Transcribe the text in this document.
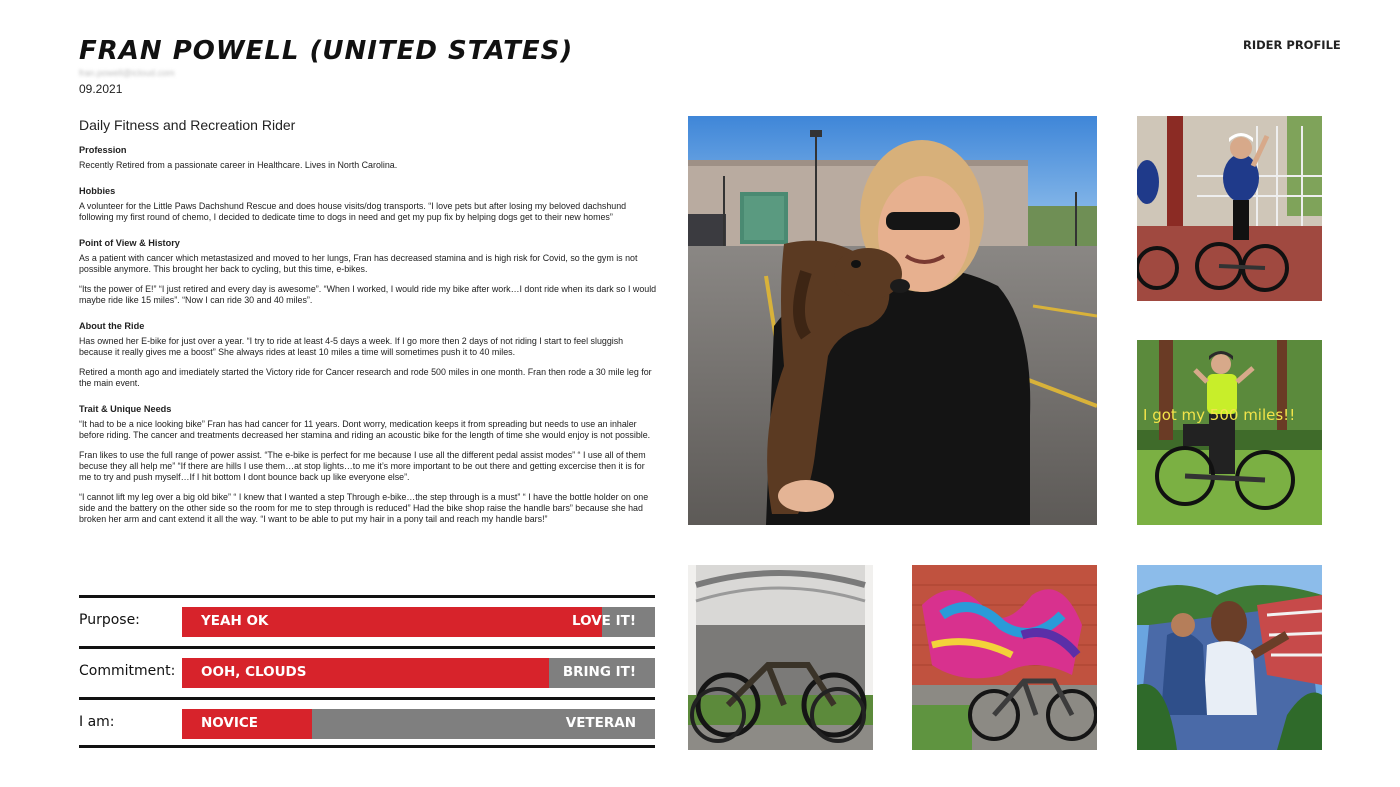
FRAN POWELL (UNITED STATES)
fran.powell@icloud.com
09.2021
RIDER PROFILE
Daily Fitness and Recreation Rider
Profession
Recently Retired from a passionate career in Healthcare. Lives in North Carolina.
Hobbies
A volunteer for the Little Paws Dachshund Rescue and does house visits/dog transports. “I love pets but after losing my beloved dachshund following my first round of chemo, I decided to dedicate time to dogs in need and get my pup fix by helping dogs get to their new homes”
Point of View & History
As a patient with cancer which metastasized and moved to her lungs, Fran has decreased stamina and is high risk for Covid, so the gym is not possible anymore. This brought her back to cycling, but this time, e-bikes.
“Its the power of E!” “I just retired and every day is awesome”. “When I worked, I would ride my bike after work…I dont ride when its dark so I would maybe ride like 15 miles”. “Now I can ride 30 and 40 miles”.
About the Ride
Has owned her E-bike for just over a year. “I try to ride at least 4-5 days a week. If I go more then 2 days of not riding I start to feel sluggish because it really gives me a boost” She always rides at least 10 miles a time will sometimes push it to 40 miles.
Retired a month ago and imediately started the Victory ride for Cancer research and rode 500 miles in one month. Fran then rode a 30 mile leg for the main event.
Trait & Unique Needs
“It had to be a nice looking bike” Fran has had cancer for 11 years. Dont worry, medication keeps it from spreading but needs to use an inhaler before riding. The cancer and treatments decreased her stamina and riding an acoustic bike for the length of time she would enjoy is not possible.
Fran likes to use the full range of power assist. “The e-bike is perfect for me because I use all the different pedal assist modes” “ I use all of them becuse they all help me” “If there are hills I use them…at stop lights…to me it’s more important to be out there and getting excercise then it is for me to try and push myself…If I hit bottom I dont bounce back up like everyone else”.
“I cannot lift my leg over a big old bike” “ I knew that I wanted a step Through e-bike…the step through is a must” “ I have the bottle holder on one side and the battery on the other side so the room for me to step through is reduced” Had the bike shop raise the handle bars” because she had broken her arm and cant extend it all the way. “I want to be able to put my hair in a pony tail and reach my handle bars!”
Purpose:	YEAH OK	LOVE IT!
Commitment: OOH, CLOUDS	BRING IT!
I am:	NOVICE	VETERAN
I got my 500 miles!!
